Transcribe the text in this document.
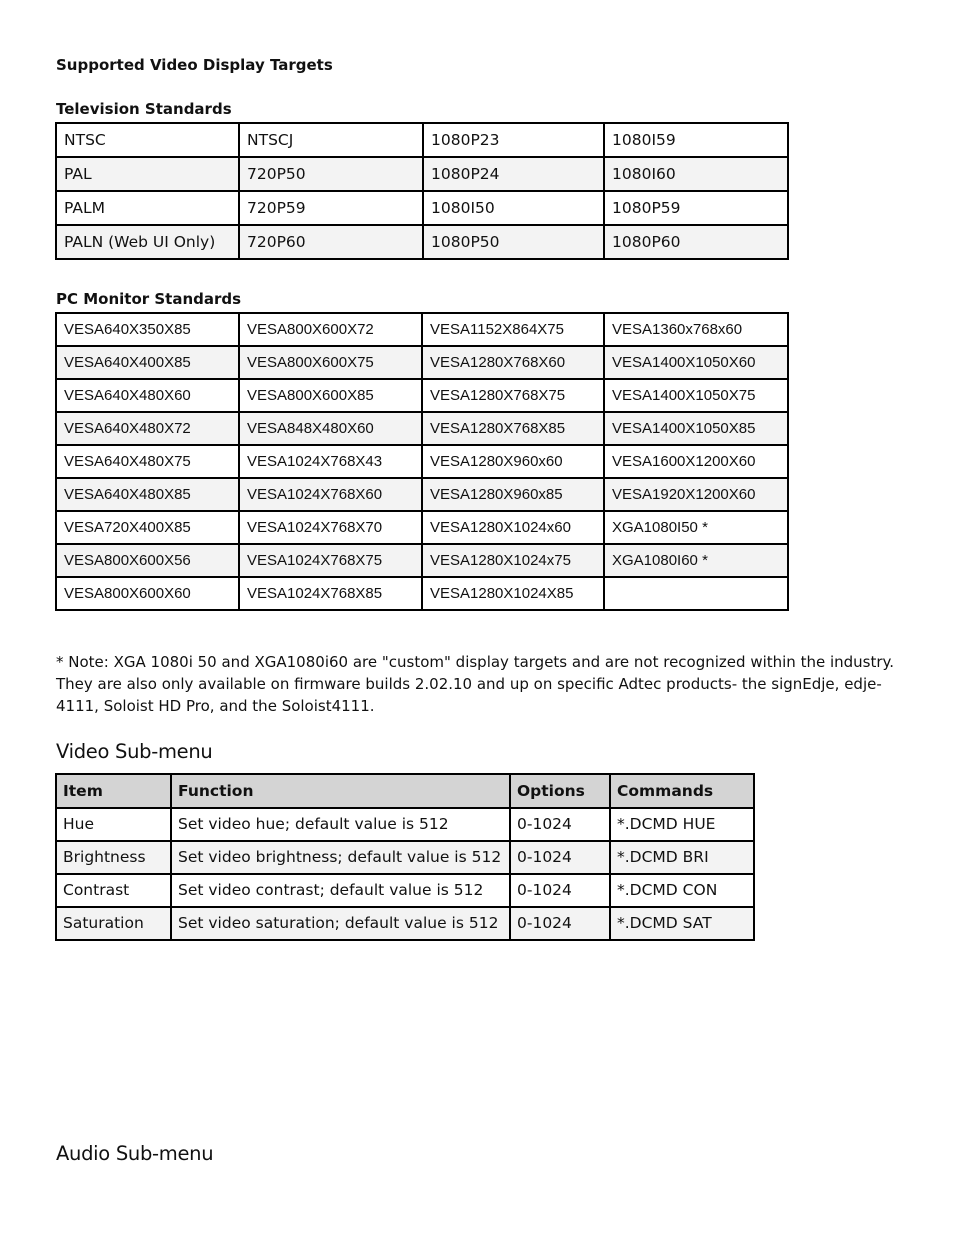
Supported Video Display Targets

Television Standards

NTSC	NTSCJ	1080P23	1080I59
PAL	720P50	1080P24	1080I60
PALM	720P59	1080I50	1080P59
PALN (Web UI Only)	720P60	1080P50	1080P60

PC Monitor Standards

VESA640X350X85	VESA800X600X72	VESA1152X864X75	VESA1360x768x60
VESA640X400X85	VESA800X600X75	VESA1280X768X60	VESA1400X1050X60
VESA640X480X60	VESA800X600X85	VESA1280X768X75	VESA1400X1050X75
VESA640X480X72	VESA848X480X60	VESA1280X768X85	VESA1400X1050X85
VESA640X480X75	VESA1024X768X43	VESA1280X960x60	VESA1600X1200X60
VESA640X480X85	VESA1024X768X60	VESA1280X960x85	VESA1920X1200X60
VESA720X400X85	VESA1024X768X70	VESA1280X1024x60	XGA1080I50 *
VESA800X600X56	VESA1024X768X75	VESA1280X1024x75	XGA1080I60 *
VESA800X600X60	VESA1024X768X85	VESA1280X1024X85	

* Note: XGA 1080i 50 and XGA1080i60 are "custom" display targets and are not recognized within the industry. They are also only available on firmware builds 2.02.10 and up on specific Adtec products- the signEdje, edje-4111, Soloist HD Pro, and the Soloist4111.

Video Sub-menu

Item	Function	Options	Commands
Hue	Set video hue; default value is 512	0-1024	*.DCMD HUE
Brightness	Set video brightness; default value is 512	0-1024	*.DCMD BRI
Contrast	Set video contrast; default value is 512	0-1024	*.DCMD CON
Saturation	Set video saturation; default value is 512	0-1024	*.DCMD SAT

Audio Sub-menu
